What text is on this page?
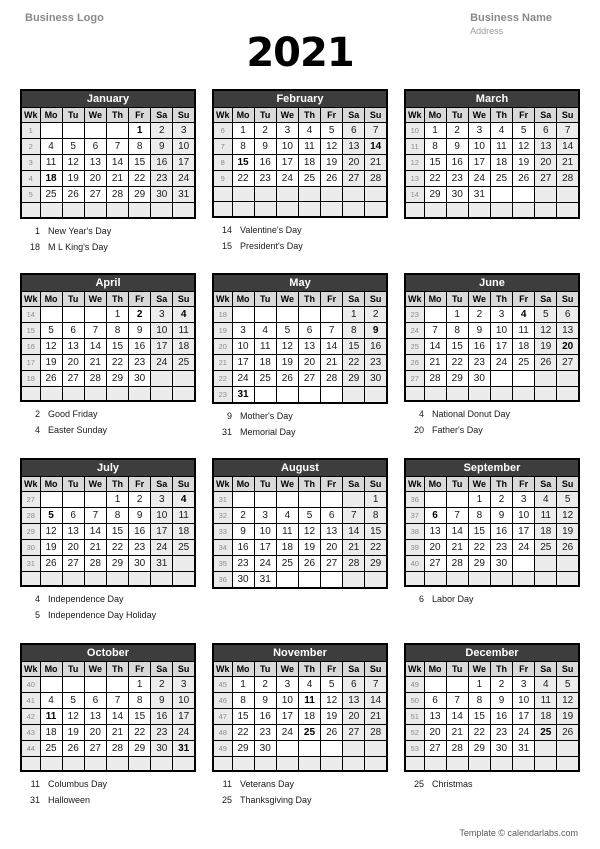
Business Logo	Business Name
Address
2021
January							
Wk	Mo	Tu	We	Th	Fr	Sa	Su
1					1	2	3
2	4	5	6	7	8	9	10
3	11	12	13	14	15	16	17
4	18	19	20	21	22	23	24
5	25	26	27	28	29	30	31

1 New Year's Day
18 M L King's Day
February							
Wk	Mo	Tu	We	Th	Fr	Sa	Su
6	1	2	3	4	5	6	7
7	8	9	10	11	12	13	14
8	15	16	17	18	19	20	21
9	22	23	24	25	26	27	28

14 Valentine's Day
15 President's Day
March							
Wk	Mo	Tu	We	Th	Fr	Sa	Su
10	1	2	3	4	5	6	7
11	8	9	10	11	12	13	14
12	15	16	17	18	19	20	21
13	22	23	24	25	26	27	28
14	29	30	31				

April							
Wk	Mo	Tu	We	Th	Fr	Sa	Su
14				1	2	3	4
15	5	6	7	8	9	10	11
16	12	13	14	15	16	17	18
17	19	20	21	22	23	24	25
18	26	27	28	29	30		

2 Good Friday
4 Easter Sunday
May							
Wk	Mo	Tu	We	Th	Fr	Sa	Su
18						1	2
19	3	4	5	6	7	8	9
20	10	11	12	13	14	15	16
21	17	18	19	20	21	22	23
22	24	25	26	27	28	29	30
23	31						
9 Mother's Day
31 Memorial Day
June							
Wk	Mo	Tu	We	Th	Fr	Sa	Su
23		1	2	3	4	5	6
24	7	8	9	10	11	12	13
25	14	15	16	17	18	19	20
26	21	22	23	24	25	26	27
27	28	29	30				

4 National Donut Day
20 Father's Day
July							
Wk	Mo	Tu	We	Th	Fr	Sa	Su
27				1	2	3	4
28	5	6	7	8	9	10	11
29	12	13	14	15	16	17	18
30	19	20	21	22	23	24	25
31	26	27	28	29	30	31	

4 Independence Day
5 Independence Day Holiday
August							
Wk	Mo	Tu	We	Th	Fr	Sa	Su
31							1
32	2	3	4	5	6	7	8
33	9	10	11	12	13	14	15
34	16	17	18	19	20	21	22
35	23	24	25	26	27	28	29
36	30	31					
September							
Wk	Mo	Tu	We	Th	Fr	Sa	Su
36			1	2	3	4	5
37	6	7	8	9	10	11	12
38	13	14	15	16	17	18	19
39	20	21	22	23	24	25	26
40	27	28	29	30			

6 Labor Day
October							
Wk	Mo	Tu	We	Th	Fr	Sa	Su
40					1	2	3
41	4	5	6	7	8	9	10
42	11	12	13	14	15	16	17
43	18	19	20	21	22	23	24
44	25	26	27	28	29	30	31

11 Columbus Day
31 Halloween
November							
Wk	Mo	Tu	We	Th	Fr	Sa	Su
45	1	2	3	4	5	6	7
46	8	9	10	11	12	13	14
47	15	16	17	18	19	20	21
48	22	23	24	25	26	27	28
49	29	30					

11 Veterans Day
25 Thanksgiving Day
December							
Wk	Mo	Tu	We	Th	Fr	Sa	Su
49			1	2	3	4	5
50	6	7	8	9	10	11	12
51	13	14	15	16	17	18	19
52	20	21	22	23	24	25	26
53	27	28	29	30	31		

25 Christmas
Template © calendarlabs.com
